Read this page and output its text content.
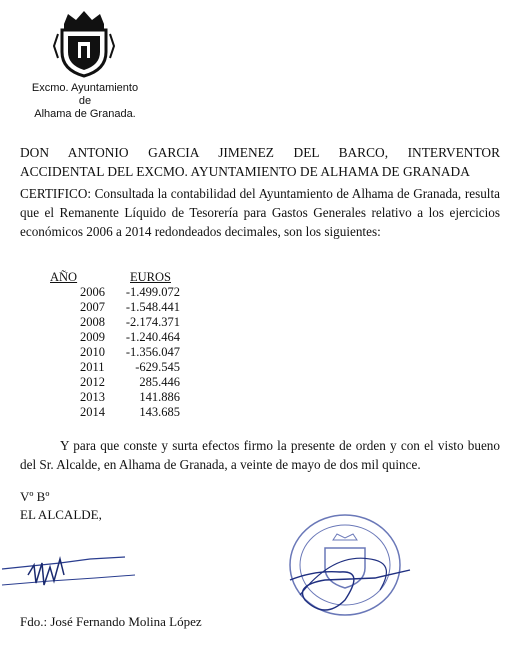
Excmo. Ayuntamiento
de
Alhama de Granada.
DON ANTONIO GARCIA JIMENEZ DEL BARCO, INTERVENTOR
ACCIDENTAL DEL EXCMO. AYUNTAMIENTO DE ALHAMA DE GRANADA
CERTIFICO: Consultada la contabilidad del Ayuntamiento de Alhama de Granada, resulta que el Remanente Líquido de Tesorería para Gastos Generales relativo a los ejercicios económicos 2006 a 2014 redondeados decimales, son los siguientes:
AÑO	EUROS
2006	-1.499.072
2007	-1.548.441
2008	-2.174.371
2009	-1.240.464
2010	-1.356.047
2011	-629.545
2012	285.446
2013	141.886
2014	143.685
Y para que conste y surta efectos firmo la presente de orden y con el visto bueno del Sr. Alcalde, en Alhama de Granada, a veinte de mayo de dos mil quince.
Vº Bº
EL ALCALDE,
Fdo.: José Fernando Molina López
